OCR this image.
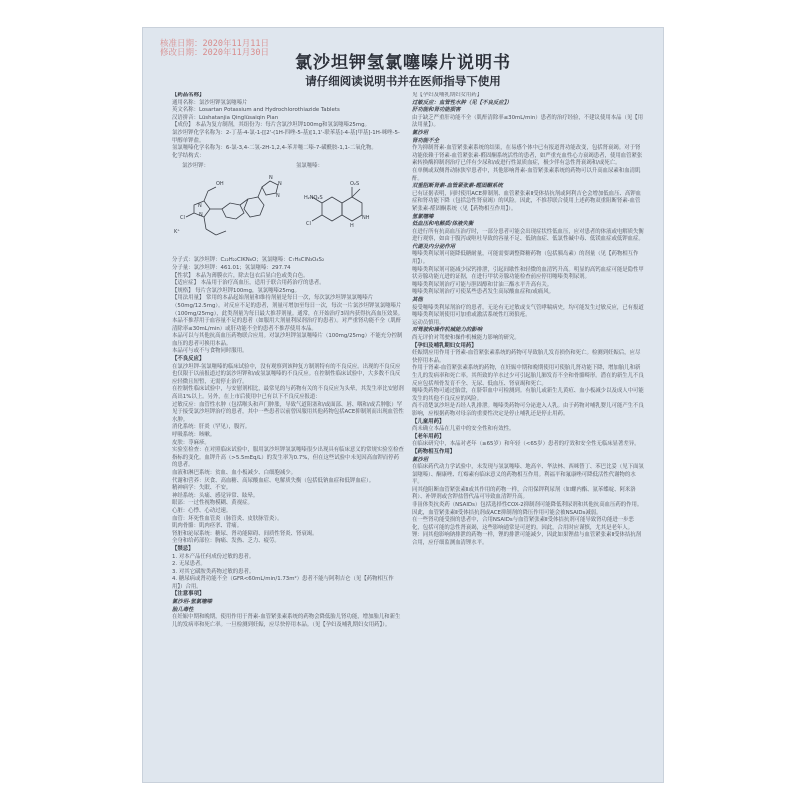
核准日期：2020年11月11日
修改日期：2020年11月30日	氯沙坦钾氢氯噻嗪片说明书
请仔细阅读说明书并在医师指导下使用

【药品名称】

通用名称：氯沙坦钾氢氯噻嗪片

英文名称：Losartan Potassium and Hydrochlorothiazide Tablets

汉语拼音：Lüshatanjia Qinglüsaiqin Pian

【成份】 本品为复方制剂，其组份为：每片含氯沙坦钾100mg和氢氯噻嗪25mg。

氯沙坦钾化学名称为：2-丁基-4-氯-1-[[2'-(1H-四唑-5-基)[1,1'-联苯基]-4-基]甲基]-1H-咪唑-5-甲醇单钾盐。

氢氯噻嗪化学名称为：6-氯-3,4-二氢-2H-1,2,4-苯并噻二嗪-7-磺酰胺-1,1-二氧化物。

化学结构式：

氯沙坦钾：	氢氯噻嗪：
Cl
OH
K⁺
N
N
N
N
N	H₂NO₂S
Cl
O₂S
NH
H

分子式：氯沙坦钾：C₂₂H₂₂ClKN₆O；氢氯噻嗪：C₇H₈ClN₃O₄S₂

分子量：氯沙坦钾：461.01；氢氯噻嗪：297.74

【性状】 本品为薄膜衣片，除去包衣后显白色或类白色。

【适应症】 本品用于治疗高血压，适用于联合用药治疗的患者。

【规格】 每片含氯沙坦钾100mg，氢氯噻嗪25mg。

【用法用量】 常用的本品起始剂量和维持剂量是每日一次，每次氯沙坦钾氢氯噻嗪片（50mg/12.5mg）。对反应不足的患者，剂量可增加至每日一次，每次一片氯沙坦钾氢氯噻嗪片（100mg/25mg），此类剂量为每日最大推荐剂量。通常，在开始治疗3周内获得抗高血压效果。

本品不推荐用于血容量不足的患者（如服用大剂量利尿剂治疗的患者）。对严重肾功能不全（肌酐清除率≤30mL/min）或肝功能不全的患者不推荐使用本品。

本品可以与其他抗高血压药物联合应用。对氯沙坦钾氢氯噻嗪片（100mg/25mg）不能充分控制血压的患者可换用本品。

本品可与或不与食物同时服用。

【不良反应】

在氯沙坦钾-氢氯噻嗪的临床试验中，没有观察到该种复方制剂特有的不良反应。出现的不良反应也仅限于以前报道过的氯沙坦钾和/或氢氯噻嗪的不良反应。在控制性临床试验中，大多数不良反应轻微且短暂，无需停止治疗。

在控制性临床试验中，与安慰剂相比，最常见的与药物有关的不良反应为头晕，其发生率比安慰剂高出1%以上。另外，在上市后使用中已有以下不良反应报道：

过敏反应：血管性水肿（包括喉头和声门肿胀，导致气道阻塞和/或面部、唇、咽和/或舌肿胀）罕见于接受氯沙坦钾治疗的患者，其中一些患者以前曾因服用其他药物包括ACE抑制剂而出现血管性水肿。

消化系统：肝炎（罕见），腹泻。

呼吸系统：咳嗽。

皮肤：荨麻疹。

实验室检查：在对照临床试验中，服用氯沙坦钾氢氯噻嗪很少出现具有临床意义的常规实验室检查指标的变化。血钾升高（>5.5mEq/L）的发生率为0.7%，但在这些试验中未见因高血钾而停药的患者。

血液和淋巴系统：贫血、血小板减少、白细胞减少。

代谢和营养：厌食、高血糖、高尿酸血症、电解质失衡（包括低钠血症和低钾血症）。

精神病学：失眠、不安。

神经系统：头痛、感觉异常、眩晕。

眼部：一过性视物模糊、黄视症。

心脏：心悸、心动过速。

血管：坏死性血管炎（脉管炎、皮肤脉管炎）。

肌肉骨骼：肌肉痉挛、背痛。

肾脏和泌尿系统：糖尿、肾功能障碍、间质性肾炎、肾衰竭。

全身和给药部位：胸痛、发热、乏力、疲劳。

【禁忌】

1. 对本产品任何成份过敏的患者。

2. 无尿患者。

3. 对其它磺胺类药物过敏的患者。

4. 糖尿病或肾功能不全（GFR<60mL/min/1.73m²）患者不能与阿利吉仑（见【药物相互作用】）合用。

【注意事项】

氯沙坦-氢氯噻嗪

胎儿毒性

在妊娠中期和晚期，使用作用于肾素-血管紧张素系统的药物会降低胎儿肾功能，增加胎儿和新生儿的发病率和死亡率。一旦检测到妊娠，应尽快停用本品。（见【孕妇及哺乳期妇女用药】）。

见【孕妇及哺乳期妇女用药】

过敏反应：血管性水肿（见【不良反应】）

肝功能和肾功能损害

由于缺乏严重肝功能不全（肌酐清除率≤30mL/min）患者的治疗经验，不建议使用本品（见【用法用量】）。

氯沙坦

肾功能不全

作为抑制肾素-血管紧张素系统的结果，在易感个体中已有报道肾功能改变，包括肾衰竭。对于肾功能依赖于肾素-血管紧张素-醛固酮系统活性的患者，如严重充血性心力衰竭患者，使用血管紧张素转换酶抑制剂治疗已伴有少尿和/或进行性氮质血症，极少伴有急性肾衰竭和/或死亡。

在单侧或双侧肾动脉狭窄患者中，其他影响肾素-血管紧张素系统的药物可以升高血尿素和血清肌酐。

双重阻断肾素-血管紧张素-醛固酮系统

已有证据表明，同时使用ACE抑制剂、血管紧张素Ⅱ受体拮抗剂或阿利吉仑会增加低血压、高钾血症和肾功能下降（包括急性肾衰竭）的风险。因此，不推荐联合使用上述药物双重阻断肾素-血管紧张素-醛固酮系统（见【药物相互作用】）。

氢氯噻嗪

低血压和电解质/体液失衡

在进行所有抗高血压治疗时，一部分患者可能会出现症状性低血压，应对患者的体液或电解质失衡进行观察，如由于腹泻或呕吐导致的容量不足、低钠血症、低氯性碱中毒、低镁血症或低钾血症。

代谢及内分泌作用

噻嗪类利尿剂可能降低糖耐量，可能需要调整降糖药物（包括胰岛素）的剂量（见【药物相互作用】）。

噻嗪类利尿剂可能减少尿钙排泄，引起间歇性和轻微的血清钙升高。明显的高钙血症可能是隐性甲状旁腺功能亢进的证据，在进行甲状旁腺功能检查前应停用噻嗪类利尿剂。

噻嗪类利尿剂治疗可能与胆固醇和甘油三酯水平升高有关。

噻嗪类利尿剂治疗可使某些患者发生高尿酸血症和/或痛风。

其他

接受噻嗪类利尿剂治疗的患者，无论有无过敏或支气管哮喘病史，均可能发生过敏反应，已有报道噻嗪类利尿剂使用可加重或激活系统性红斑狼疮。

运动员慎用。

对驾驶和操作机械能力的影响

尚无评价对驾驶和操作机械能力影响的研究。

【孕妇及哺乳期妇女用药】

妊娠期应用作用于肾素-血管紧张素系统的药物可导致胎儿发育损伤和死亡。检测到妊娠后，应尽快停用本品。

作用于肾素-血管紧张素系统的药物，在妊娠中期和晚期使用可使胎儿肾功能下降，增加胎儿和新生儿的发病率和死亡率。其所致的羊水过少可引起胎儿肺发育不全和骨骼畸形。潜在的新生儿不良反应包括颅骨发育不全、无尿、低血压、肾衰竭和死亡。

噻嗪类药物可通过胎盘，在脐带血中可检测到。有胎儿或新生儿黄疸、血小板减少以及成人中可能发生的其他不良反应的风险。

尚不清楚氯沙坦是否经人乳排泄。噻嗪类药物可分泌进入人乳。由于药物对哺乳婴儿可能产生不良影响，应根据药物对母亲的重要性决定是停止哺乳还是停止用药。

【儿童用药】

尚未确立本品在儿童中的安全性和有效性。

【老年用药】

在临床研究中，本品对老年（≥65岁）和年轻（<65岁）患者的疗效和安全性无临床显著差异。

【药物相互作用】

氯沙坦

在临床药代动力学试验中，未发现与氢氯噻嗪、地高辛、华法林、西咪替丁、苯巴比妥（见下面氢氯噻嗪）、酮康唑、红霉素有临床意义的药物相互作用。利福平和氟康唑可降低活性代谢物的水平。

同其他阻断血管紧张素Ⅱ或其作用的药物一样，合用保钾利尿剂（如螺内酯、氨苯蝶啶、阿米洛利）、补钾剂或含钾盐替代品可导致血清钾升高。

非甾体类抗炎药（NSAIDs）包括选择性COX-2抑制剂可能降低利尿剂和其他抗高血压药的作用。因此，血管紧张素Ⅱ受体拮抗剂或ACE抑制剂的降压作用可能会被NSAIDs减弱。

在一些肾功能受损的患者中，合用NSAIDs与血管紧张素Ⅱ受体拮抗剂可能导致肾功能进一步恶化，包括可能的急性肾衰竭，这些影响通常是可逆的。因此，合用时应谨慎，尤其是老年人。

锂：同其他影响钠排泄的药物一样，锂的排泄可能减少，因此如果锂盐与血管紧张素Ⅱ受体拮抗剂合用，应仔细监测血清锂水平。
